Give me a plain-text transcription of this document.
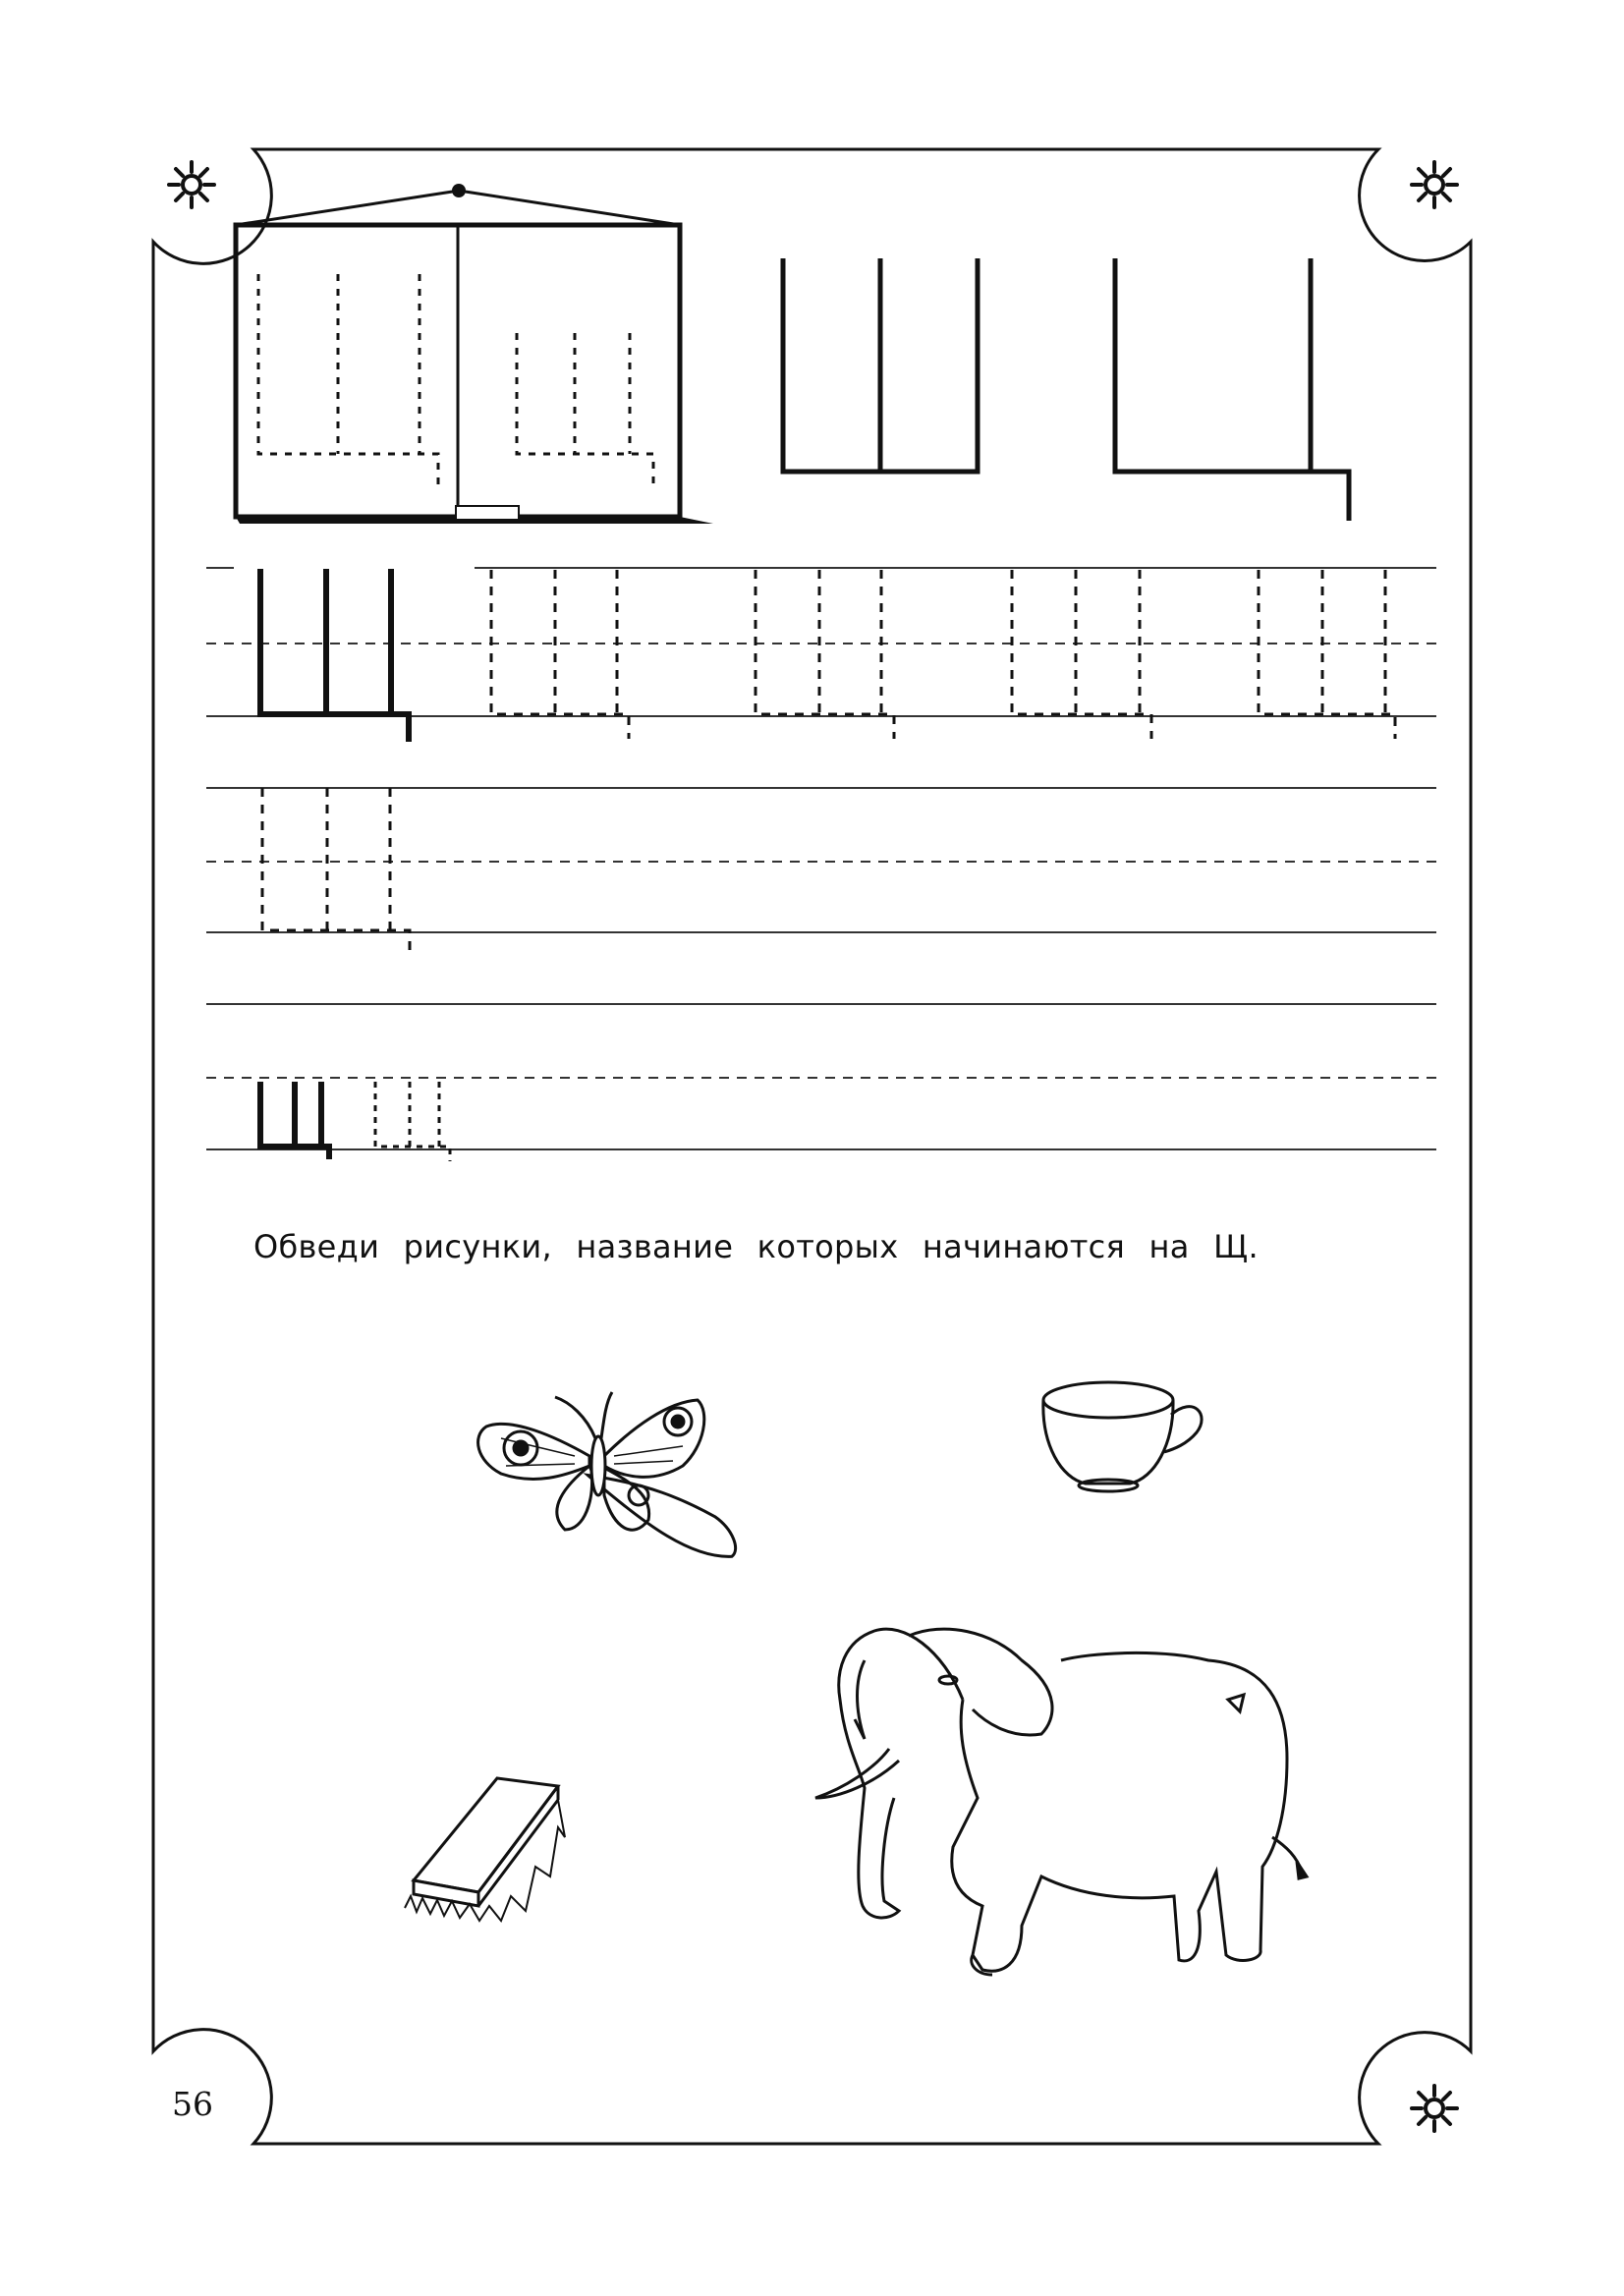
Обведи рисунки, название которых начинаются на Щ.
56
